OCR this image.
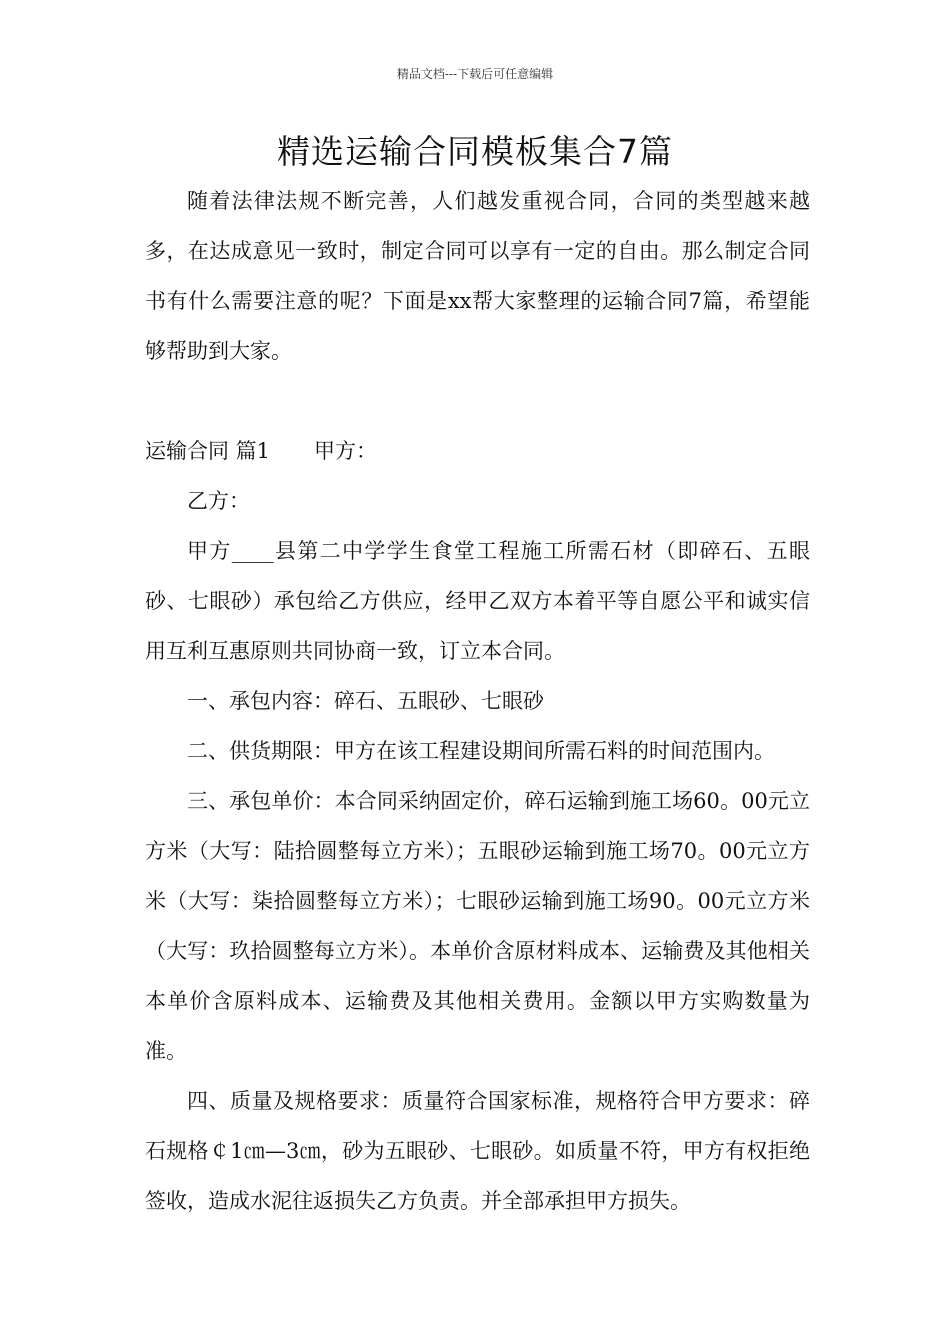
精品文档---下载后可任意编辑
精选运输合同模板集合7篇

随着法律法规不断完善，人们越发重视合同，合同的类型越来越多，在达成意见一致时，制定合同可以享有一定的自由。那么制定合同书有什么需要注意的呢？下面是xx帮大家整理的运输合同7篇，希望能够帮助到大家。

运输合同 篇1 甲方：

乙方：

甲方____县第二中学学生食堂工程施工所需石材（即碎石、五眼砂、七眼砂）承包给乙方供应，经甲乙双方本着平等自愿公平和诚实信用互利互惠原则共同协商一致，订立本合同。

一、承包内容：碎石、五眼砂、七眼砂

二、供货期限：甲方在该工程建设期间所需石料的时间范围内。

三、承包单价：本合同采纳固定价，碎石运输到施工场60。00元立方米（大写：陆拾圆整每立方米）；五眼砂运输到施工场70。00元立方米（大写：柒拾圆整每立方米）；七眼砂运输到施工场90。00元立方米（大写：玖拾圆整每立方米）。本单价含原材料成本、运输费及其他相关本单价含原料成本、运输费及其他相关费用。金额以甲方实购数量为准。

四、质量及规格要求：质量符合国家标准，规格符合甲方要求：碎石规格￠1㎝—3㎝，砂为五眼砂、七眼砂。如质量不符，甲方有权拒绝签收，造成水泥往返损失乙方负责。并全部承担甲方损失。
